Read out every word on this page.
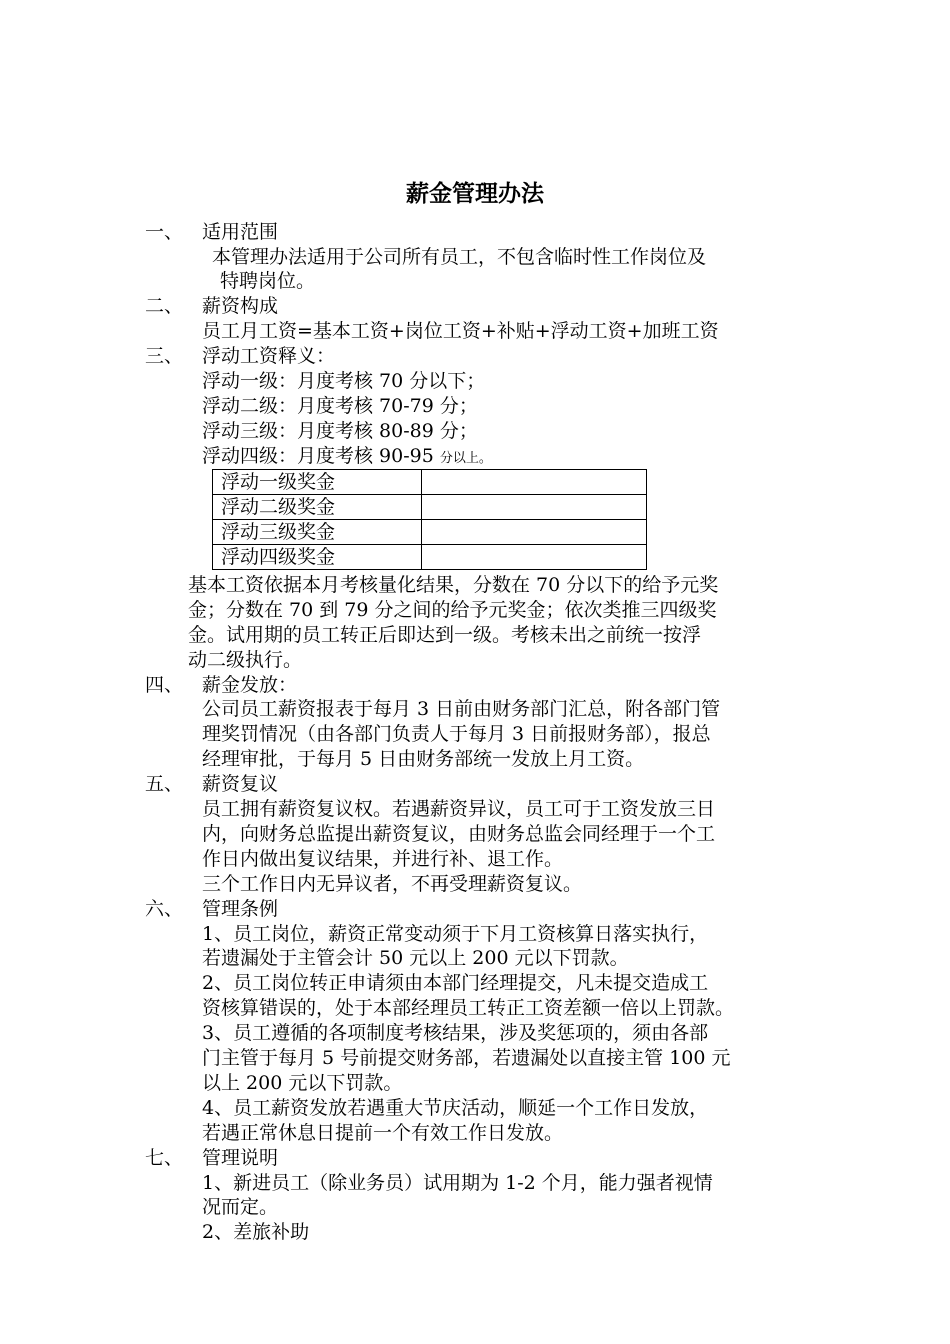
薪金管理办法
一、 适用范围
本管理办法适用于公司所有员工，不包含临时性工作岗位及
特聘岗位。
二、 薪资构成
员工月工资=基本工资+岗位工资+补贴+浮动工资+加班工资
三、 浮动工资释义：
浮动一级：月度考核 70 分以下；
浮动二级：月度考核 70-79 分；
浮动三级：月度考核 80-89 分；
浮动四级：月度考核 90-95 分以上。
浮动一级奖金	
浮动二级奖金	
浮动三级奖金	
浮动四级奖金	
基本工资依据本月考核量化结果，分数在 70 分以下的给予元奖
金；分数在 70 到 79 分之间的给予元奖金；依次类推三四级奖
金。试用期的员工转正后即达到一级。考核未出之前统一按浮
动二级执行。
四、 薪金发放：
公司员工薪资报表于每月 3 日前由财务部门汇总，附各部门管
理奖罚情况（由各部门负责人于每月 3 日前报财务部），报总
经理审批，于每月 5 日由财务部统一发放上月工资。
五、 薪资复议
员工拥有薪资复议权。若遇薪资异议，员工可于工资发放三日
内，向财务总监提出薪资复议，由财务总监会同经理于一个工
作日内做出复议结果，并进行补、退工作。
三个工作日内无异议者，不再受理薪资复议。
六、 管理条例
1、员工岗位，薪资正常变动须于下月工资核算日落实执行，
若遗漏处于主管会计 50 元以上 200 元以下罚款。
2、员工岗位转正申请须由本部门经理提交，凡未提交造成工
资核算错误的，处于本部经理员工转正工资差额一倍以上罚款。
3、员工遵循的各项制度考核结果，涉及奖惩项的，须由各部
门主管于每月 5 号前提交财务部，若遗漏处以直接主管 100 元
以上 200 元以下罚款。
4、员工薪资发放若遇重大节庆活动，顺延一个工作日发放，
若遇正常休息日提前一个有效工作日发放。
七、 管理说明
1、新进员工（除业务员）试用期为 1-2 个月，能力强者视情
况而定。
2、差旅补助
